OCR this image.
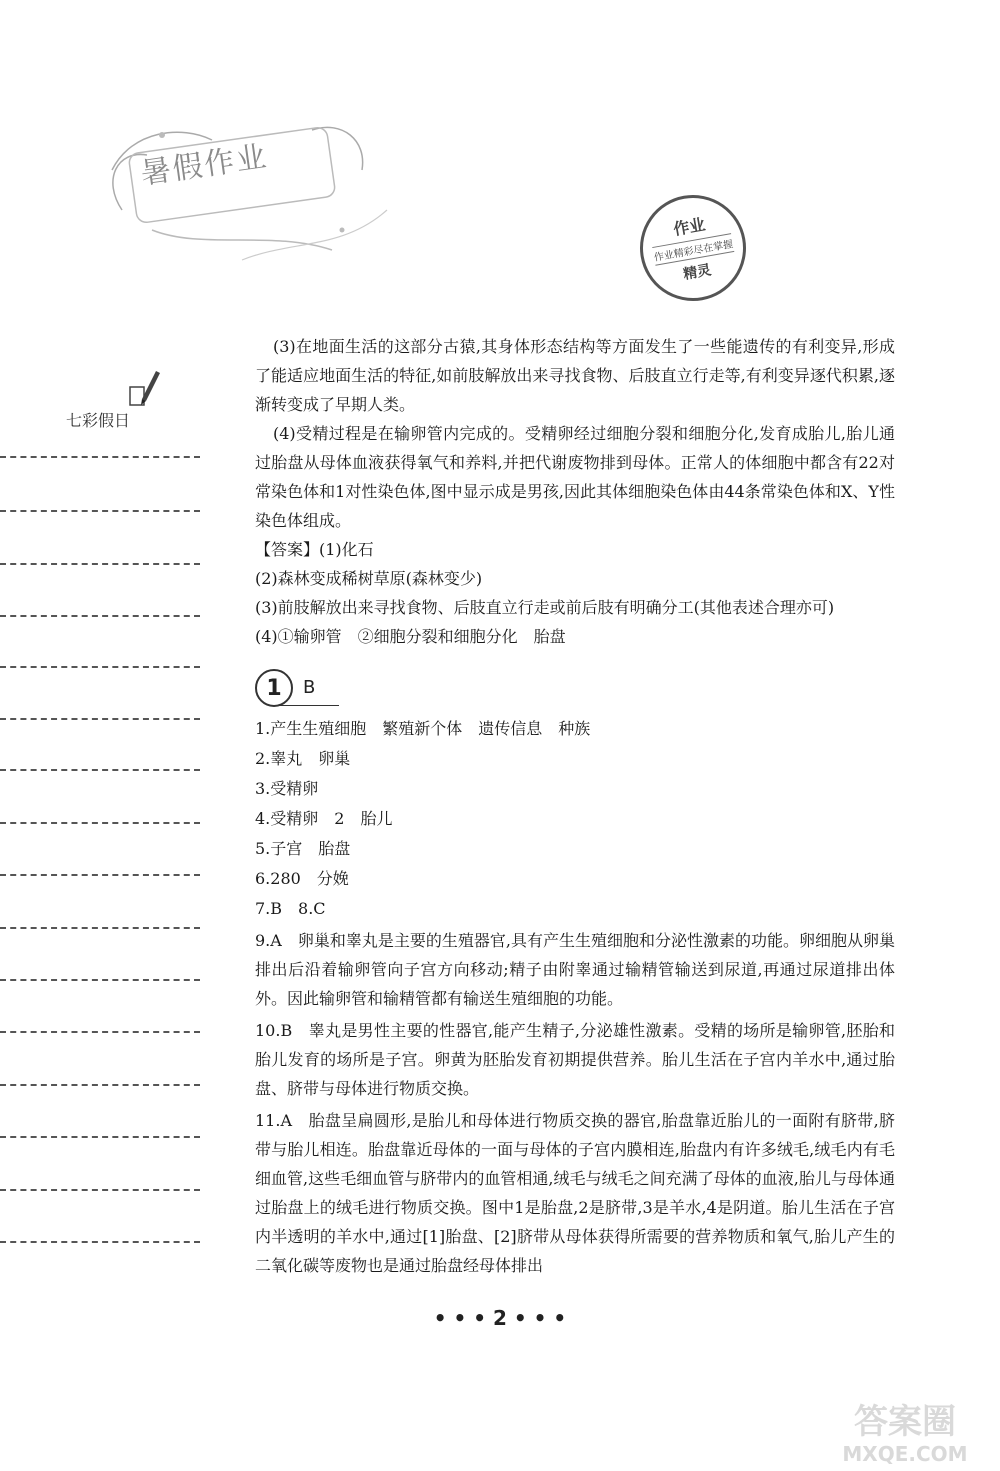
暑假作业
作业
作业精彩尽在掌握
精灵
七彩假日

(3)在地面生活的这部分古猿,其身体形态结构等方面发生了一些能遗传的有利变异,形成了能适应地面生活的特征,如前肢解放出来寻找食物、后肢直立行走等,有利变异逐代积累,逐渐转变成了早期人类。

(4)受精过程是在输卵管内完成的。受精卵经过细胞分裂和细胞分化,发育成胎儿,胎儿通过胎盘从母体血液获得氧气和养料,并把代谢废物排到母体。正常人的体细胞中都含有22对常染色体和1对性染色体,图中显示成是男孩,因此其体细胞染色体由44条常染色体和X、Y性染色体组成。

【答案】(1)化石

(2)森林变成稀树草原(森林变少)

(3)前肢解放出来寻找食物、后肢直立行走或前后肢有明确分工(其他表述合理亦可)

(4)①输卵管　②细胞分裂和细胞分化　胎盘

1	B

1.产生生殖细胞　繁殖新个体　遗传信息　种族

2.睾丸　卵巢

3.受精卵

4.受精卵　2　胎儿

5.子宫　胎盘

6.280　分娩

7.B　8.C

9.A　卵巢和睾丸是主要的生殖器官,具有产生生殖细胞和分泌性激素的功能。卵细胞从卵巢排出后沿着输卵管向子宫方向移动;精子由附睾通过输精管输送到尿道,再通过尿道排出体外。因此输卵管和输精管都有输送生殖细胞的功能。

10.B　睾丸是男性主要的性器官,能产生精子,分泌雄性激素。受精的场所是输卵管,胚胎和胎儿发育的场所是子宫。卵黄为胚胎发育初期提供营养。胎儿生活在子宫内羊水中,通过胎盘、脐带与母体进行物质交换。

11.A　胎盘呈扁圆形,是胎儿和母体进行物质交换的器官,胎盘靠近胎儿的一面附有脐带,脐带与胎儿相连。胎盘靠近母体的一面与母体的子宫内膜相连,胎盘内有许多绒毛,绒毛内有毛细血管,这些毛细血管与脐带内的血管相通,绒毛与绒毛之间充满了母体的血液,胎儿与母体通过胎盘上的绒毛进行物质交换。图中1是胎盘,2是脐带,3是羊水,4是阴道。胎儿生活在子宫内半透明的羊水中,通过[1]胎盘、[2]脐带从母体获得所需要的营养物质和氧气,胎儿产生的二氧化碳等废物也是通过胎盘经母体排出

• • • 2 • • •
答案圈
MXQE.COM
